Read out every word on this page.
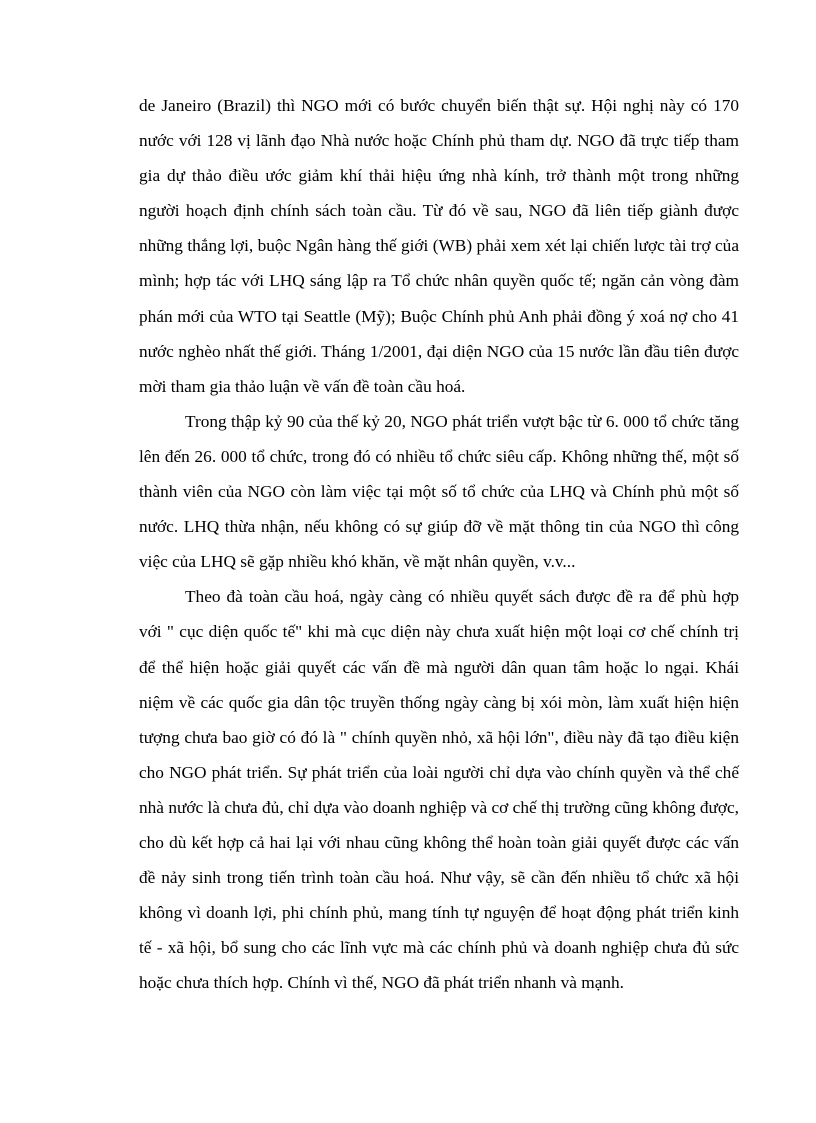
de Janeiro (Brazil) thì NGO mới có bước chuyển biến thật sự. Hội nghị này có 170 nước với 128 vị lãnh đạo Nhà nước hoặc Chính phủ tham dự. NGO đã trực tiếp tham gia dự thảo điều ước giảm khí thải hiệu ứng nhà kính, trở thành một trong những người hoạch định chính sách toàn cầu. Từ đó về sau, NGO đã liên tiếp giành được những thắng lợi, buộc Ngân hàng thế giới (WB) phải xem xét lại chiến lược tài trợ của mình; hợp tác với LHQ sáng lập ra Tổ chức nhân quyền quốc tế; ngăn cản vòng đàm phán mới của WTO tại Seattle (Mỹ); Buộc Chính phủ Anh phải đồng ý xoá nợ cho 41 nước nghèo nhất thế giới. Tháng 1/2001, đại diện NGO của 15 nước lần đầu tiên được mời tham gia thảo luận về vấn đề toàn cầu hoá.

Trong thập kỷ 90 của thế kỷ 20, NGO phát triển vượt bậc từ 6. 000 tổ chức tăng lên đến 26. 000 tổ chức, trong đó có nhiều tổ chức siêu cấp. Không những thế, một số thành viên của NGO còn làm việc tại một số tổ chức của LHQ và Chính phủ một số nước. LHQ thừa nhận, nếu không có sự giúp đỡ về mặt thông tin của NGO thì công việc của LHQ sẽ gặp nhiều khó khăn, về mặt nhân quyền, v.v...

Theo đà toàn cầu hoá, ngày càng có nhiều quyết sách được đề ra để phù hợp với " cục diện quốc tế" khi mà cục diện này chưa xuất hiện một loại cơ chế chính trị để thể hiện hoặc giải quyết các vấn đề mà người dân quan tâm hoặc lo ngại. Khái niệm về các quốc gia dân tộc truyền thống ngày càng bị xói mòn, làm xuất hiện hiện tượng chưa bao giờ có đó là " chính quyền nhỏ, xã hội lớn", điều này đã tạo điều kiện cho NGO phát triển. Sự phát triển của loài người chỉ dựa vào chính quyền và thể chế nhà nước là chưa đủ, chỉ dựa vào doanh nghiệp và cơ chế thị trường cũng không được, cho dù kết hợp cả hai lại với nhau cũng không thể hoàn toàn giải quyết được các vấn đề nảy sinh trong tiến trình toàn cầu hoá. Như vậy, sẽ cần đến nhiều tổ chức xã hội không vì doanh lợi, phi chính phủ, mang tính tự nguyện để hoạt động phát triển kinh tế - xã hội, bổ sung cho các lĩnh vực mà các chính phủ và doanh nghiệp chưa đủ sức hoặc chưa thích hợp. Chính vì thế, NGO đã phát triển nhanh và mạnh.
